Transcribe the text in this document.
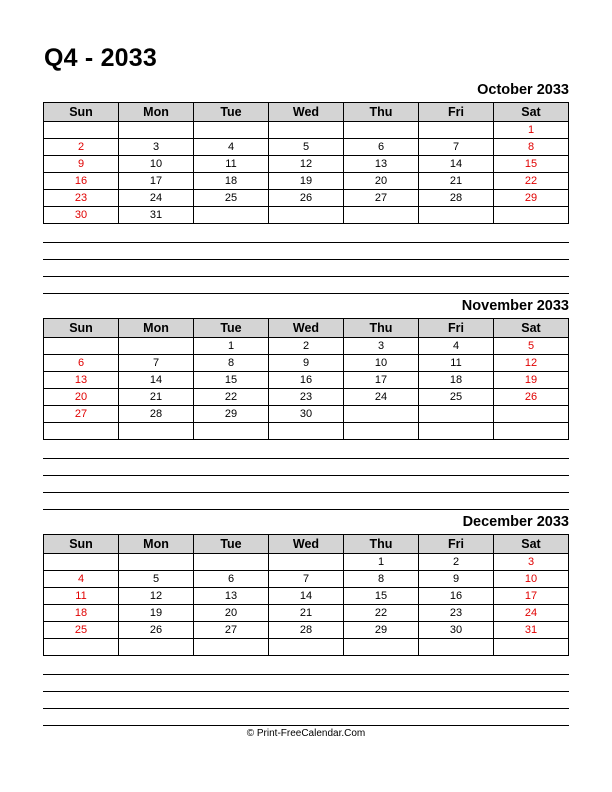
Q4 - 2033
October 2033
Sun	Mon	Tue	Wed	Thu	Fri	Sat
						1
2	3	4	5	6	7	8
9	10	11	12	13	14	15
16	17	18	19	20	21	22
23	24	25	26	27	28	29
30	31					
November 2033
Sun	Mon	Tue	Wed	Thu	Fri	Sat
		1	2	3	4	5
6	7	8	9	10	11	12
13	14	15	16	17	18	19
20	21	22	23	24	25	26
27	28	29	30			

December 2033
Sun	Mon	Tue	Wed	Thu	Fri	Sat
				1	2	3
4	5	6	7	8	9	10
11	12	13	14	15	16	17
18	19	20	21	22	23	24
25	26	27	28	29	30	31

© Print-FreeCalendar.Com
